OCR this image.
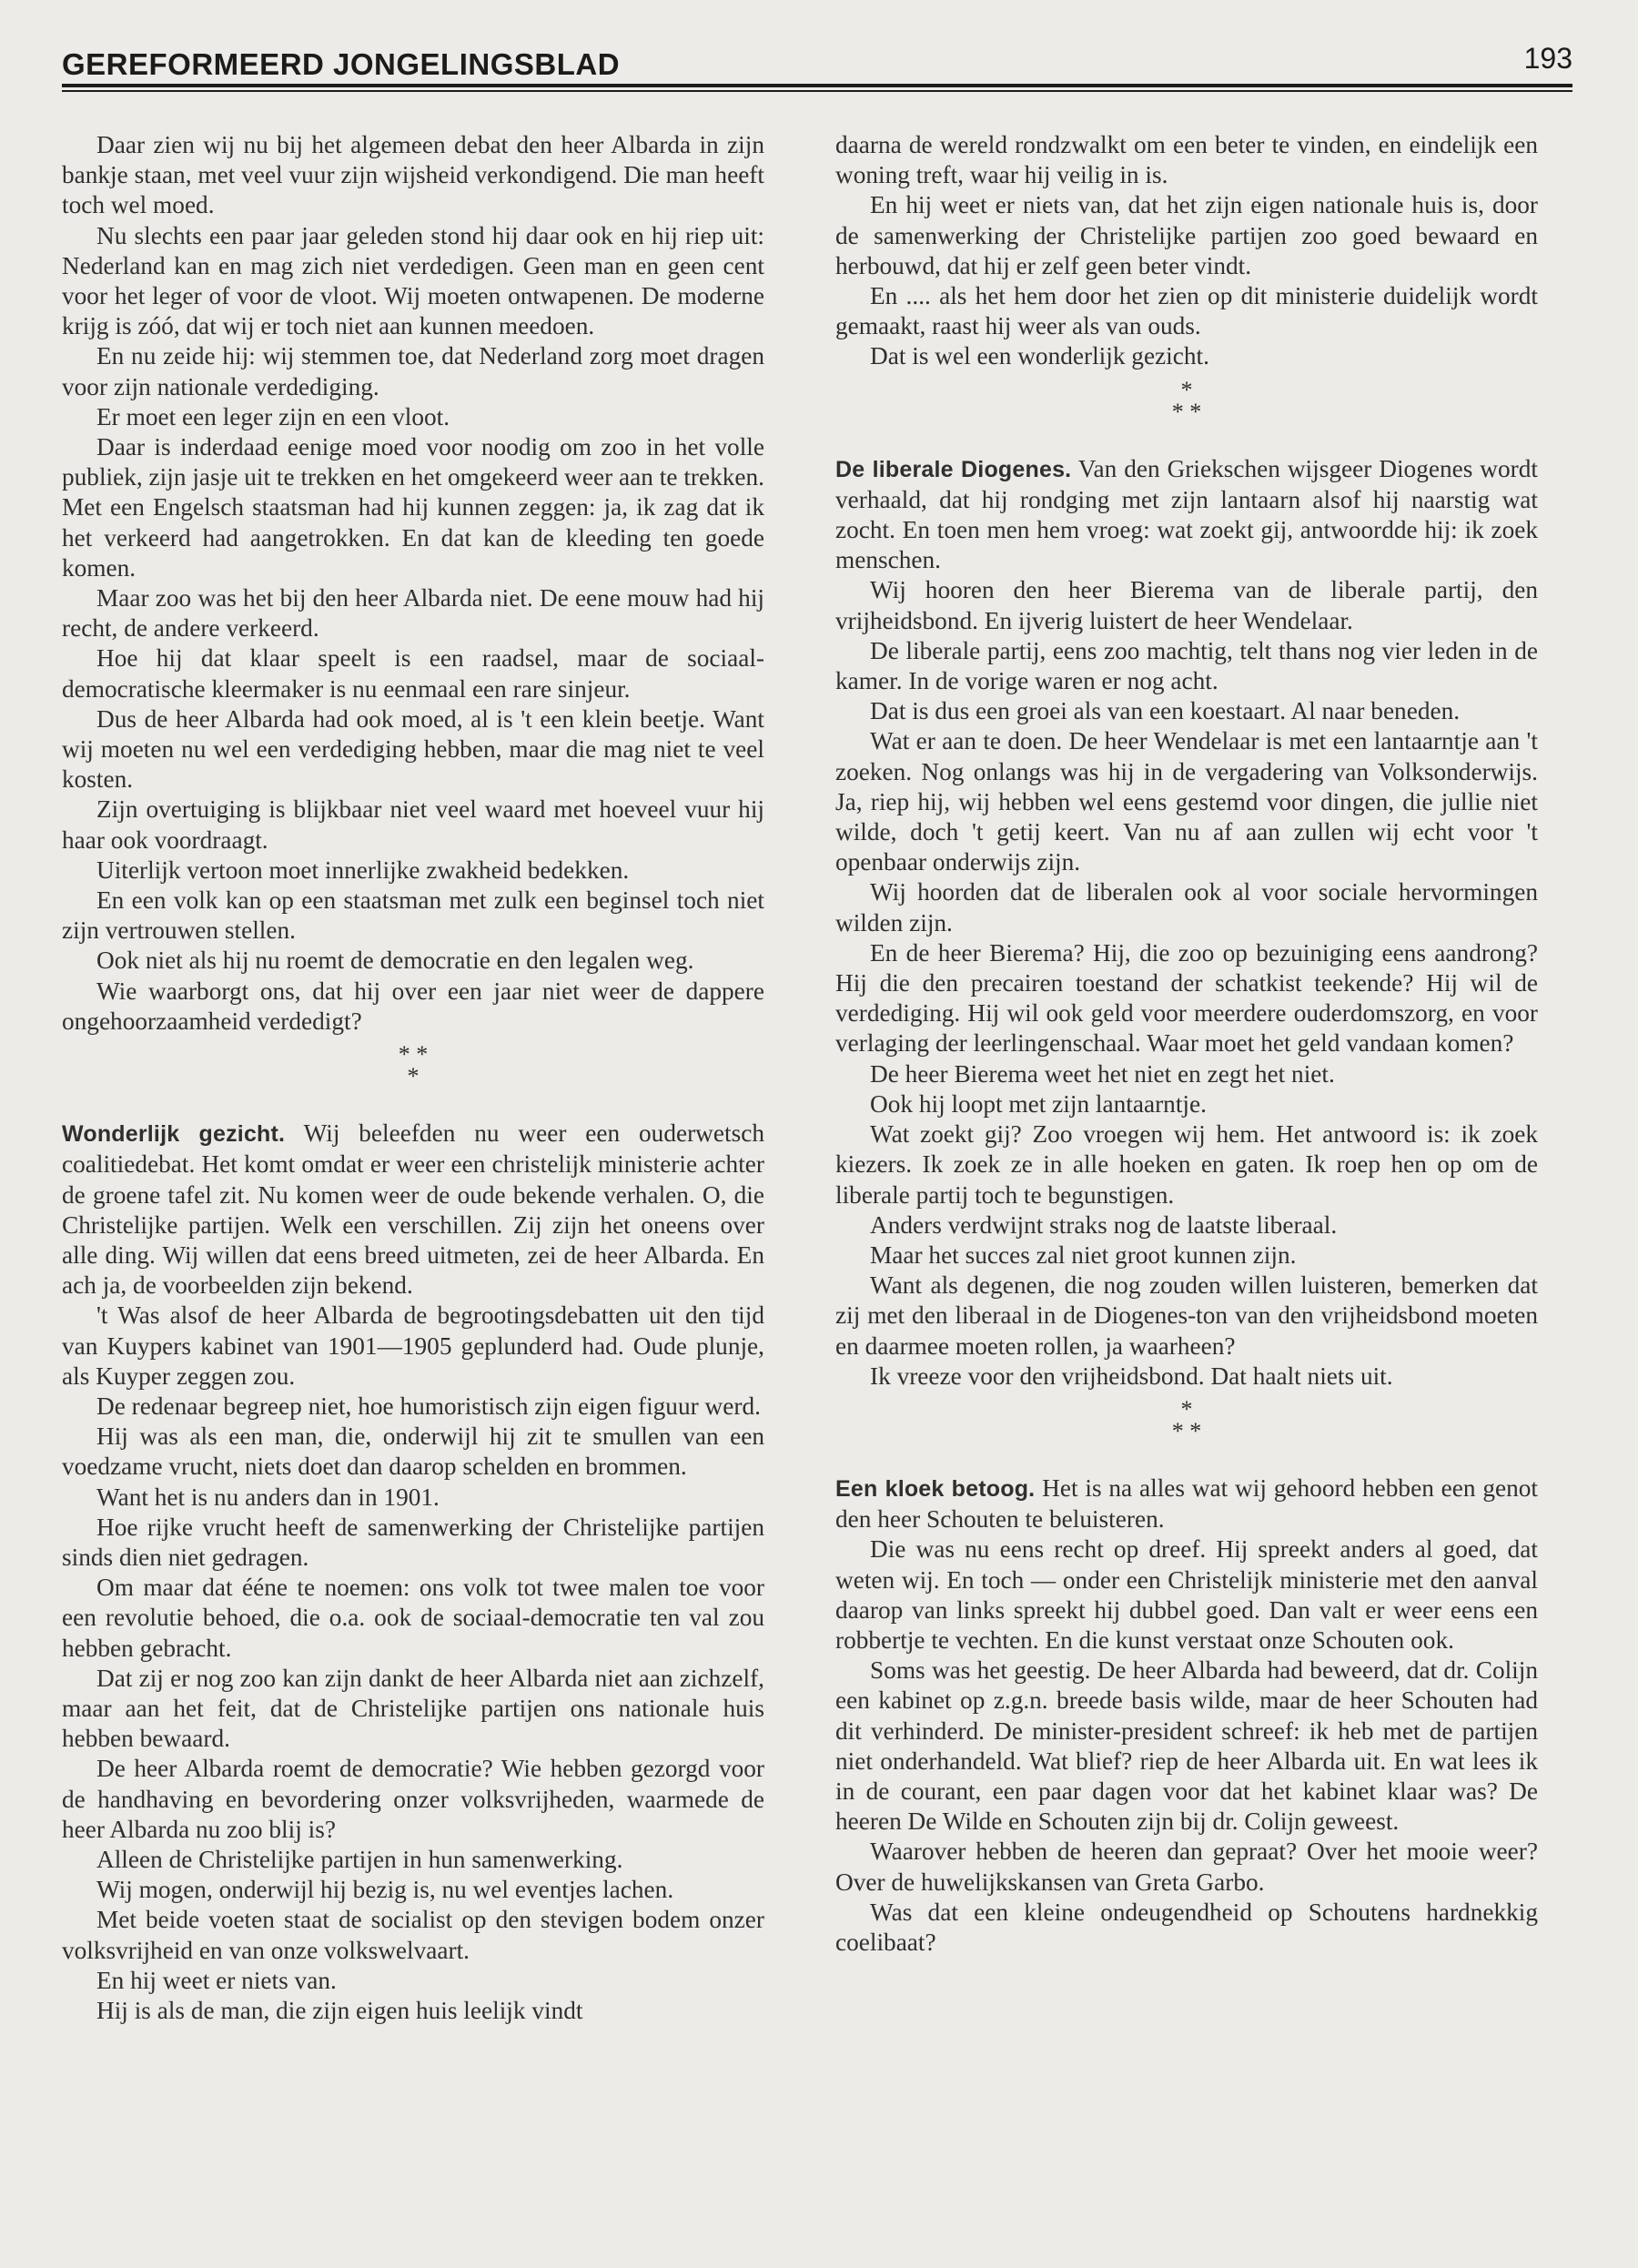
GEREFORMEERD JONGELINGSBLAD	193

Daar zien wij nu bij het algemeen debat den heer Albarda in zijn bankje staan, met veel vuur zijn wijsheid verkondigend. Die man heeft toch wel moed.

Nu slechts een paar jaar geleden stond hij daar ook en hij riep uit: Nederland kan en mag zich niet verdedigen. Geen man en geen cent voor het leger of voor de vloot. Wij moeten ontwapenen. De moderne krijg is zóó, dat wij er toch niet aan kunnen meedoen.

En nu zeide hij: wij stemmen toe, dat Nederland zorg moet dragen voor zijn nationale verdediging.

Er moet een leger zijn en een vloot.

Daar is inderdaad eenige moed voor noodig om zoo in het volle publiek, zijn jasje uit te trekken en het omgekeerd weer aan te trekken. Met een Engelsch staatsman had hij kunnen zeggen: ja, ik zag dat ik het verkeerd had aangetrokken. En dat kan de kleeding ten goede komen.

Maar zoo was het bij den heer Albarda niet. De eene mouw had hij recht, de andere verkeerd.

Hoe hij dat klaar speelt is een raadsel, maar de sociaal-democratische kleermaker is nu eenmaal een rare sinjeur.

Dus de heer Albarda had ook moed, al is 't een klein beetje. Want wij moeten nu wel een verdediging hebben, maar die mag niet te veel kosten.

Zijn overtuiging is blijkbaar niet veel waard met hoeveel vuur hij haar ook voordraagt.

Uiterlijk vertoon moet innerlijke zwakheid bedekken.

En een volk kan op een staatsman met zulk een beginsel toch niet zijn vertrouwen stellen.

Ook niet als hij nu roemt de democratie en den legalen weg.

Wie waarborgt ons, dat hij over een jaar niet weer de dappere ongehoorzaamheid verdedigt?

* *
*

Wonderlijk gezicht. Wij beleefden nu weer een ouderwetsch coalitiedebat. Het komt omdat er weer een christelijk ministerie achter de groene tafel zit. Nu komen weer de oude bekende verhalen. O, die Christelijke partijen. Welk een verschillen. Zij zijn het oneens over alle ding. Wij willen dat eens breed uitmeten, zei de heer Albarda. En ach ja, de voorbeelden zijn bekend.

't Was alsof de heer Albarda de begrootingsdebatten uit den tijd van Kuypers kabinet van 1901—1905 geplunderd had. Oude plunje, als Kuyper zeggen zou.

De redenaar begreep niet, hoe humoristisch zijn eigen figuur werd.

Hij was als een man, die, onderwijl hij zit te smullen van een voedzame vrucht, niets doet dan daarop schelden en brommen.

Want het is nu anders dan in 1901.

Hoe rijke vrucht heeft de samenwerking der Christelijke partijen sinds dien niet gedragen.

Om maar dat ééne te noemen: ons volk tot twee malen toe voor een revolutie behoed, die o.a. ook de sociaal-democratie ten val zou hebben gebracht.

Dat zij er nog zoo kan zijn dankt de heer Albarda niet aan zichzelf, maar aan het feit, dat de Christelijke partijen ons nationale huis hebben bewaard.

De heer Albarda roemt de democratie? Wie hebben gezorgd voor de handhaving en bevordering onzer volksvrijheden, waarmede de heer Albarda nu zoo blij is?

Alleen de Christelijke partijen in hun samenwerking.

Wij mogen, onderwijl hij bezig is, nu wel eventjes lachen.

Met beide voeten staat de socialist op den stevigen bodem onzer volksvrijheid en van onze volkswelvaart.

En hij weet er niets van.

Hij is als de man, die zijn eigen huis leelijk vindt

daarna de wereld rondzwalkt om een beter te vinden, en eindelijk een woning treft, waar hij veilig in is.

En hij weet er niets van, dat het zijn eigen nationale huis is, door de samenwerking der Christelijke partijen zoo goed bewaard en herbouwd, dat hij er zelf geen beter vindt.

En .... als het hem door het zien op dit ministerie duidelijk wordt gemaakt, raast hij weer als van ouds.

Dat is wel een wonderlijk gezicht.

*
* *

De liberale Diogenes. Van den Griekschen wijsgeer Diogenes wordt verhaald, dat hij rondging met zijn lantaarn alsof hij naarstig wat zocht. En toen men hem vroeg: wat zoekt gij, antwoordde hij: ik zoek menschen.

Wij hooren den heer Bierema van de liberale partij, den vrijheidsbond. En ijverig luistert de heer Wendelaar.

De liberale partij, eens zoo machtig, telt thans nog vier leden in de kamer. In de vorige waren er nog acht.

Dat is dus een groei als van een koestaart. Al naar beneden.

Wat er aan te doen. De heer Wendelaar is met een lantaarntje aan 't zoeken. Nog onlangs was hij in de vergadering van Volksonderwijs. Ja, riep hij, wij hebben wel eens gestemd voor dingen, die jullie niet wilde, doch 't getij keert. Van nu af aan zullen wij echt voor 't openbaar onderwijs zijn.

Wij hoorden dat de liberalen ook al voor sociale hervormingen wilden zijn.

En de heer Bierema? Hij, die zoo op bezuiniging eens aandrong? Hij die den precairen toestand der schatkist teekende? Hij wil de verdediging. Hij wil ook geld voor meerdere ouderdomszorg, en voor verlaging der leerlingenschaal. Waar moet het geld vandaan komen?

De heer Bierema weet het niet en zegt het niet.

Ook hij loopt met zijn lantaarntje.

Wat zoekt gij? Zoo vroegen wij hem. Het antwoord is: ik zoek kiezers. Ik zoek ze in alle hoeken en gaten. Ik roep hen op om de liberale partij toch te begunstigen.

Anders verdwijnt straks nog de laatste liberaal.

Maar het succes zal niet groot kunnen zijn.

Want als degenen, die nog zouden willen luisteren, bemerken dat zij met den liberaal in de Diogenes-ton van den vrijheidsbond moeten en daarmee moeten rollen, ja waarheen?

Ik vreeze voor den vrijheidsbond. Dat haalt niets uit.

*
* *

Een kloek betoog. Het is na alles wat wij gehoord hebben een genot den heer Schouten te beluisteren.

Die was nu eens recht op dreef. Hij spreekt anders al goed, dat weten wij. En toch — onder een Christelijk ministerie met den aanval daarop van links spreekt hij dubbel goed. Dan valt er weer eens een robbertje te vechten. En die kunst verstaat onze Schouten ook.

Soms was het geestig. De heer Albarda had beweerd, dat dr. Colijn een kabinet op z.g.n. breede basis wilde, maar de heer Schouten had dit verhinderd. De minister-president schreef: ik heb met de partijen niet onderhandeld. Wat blief? riep de heer Albarda uit. En wat lees ik in de courant, een paar dagen voor dat het kabinet klaar was? De heeren De Wilde en Schouten zijn bij dr. Colijn geweest.

Waarover hebben de heeren dan gepraat? Over het mooie weer? Over de huwelijkskansen van Greta Garbo.

Was dat een kleine ondeugendheid op Schoutens hardnekkig coelibaat?
